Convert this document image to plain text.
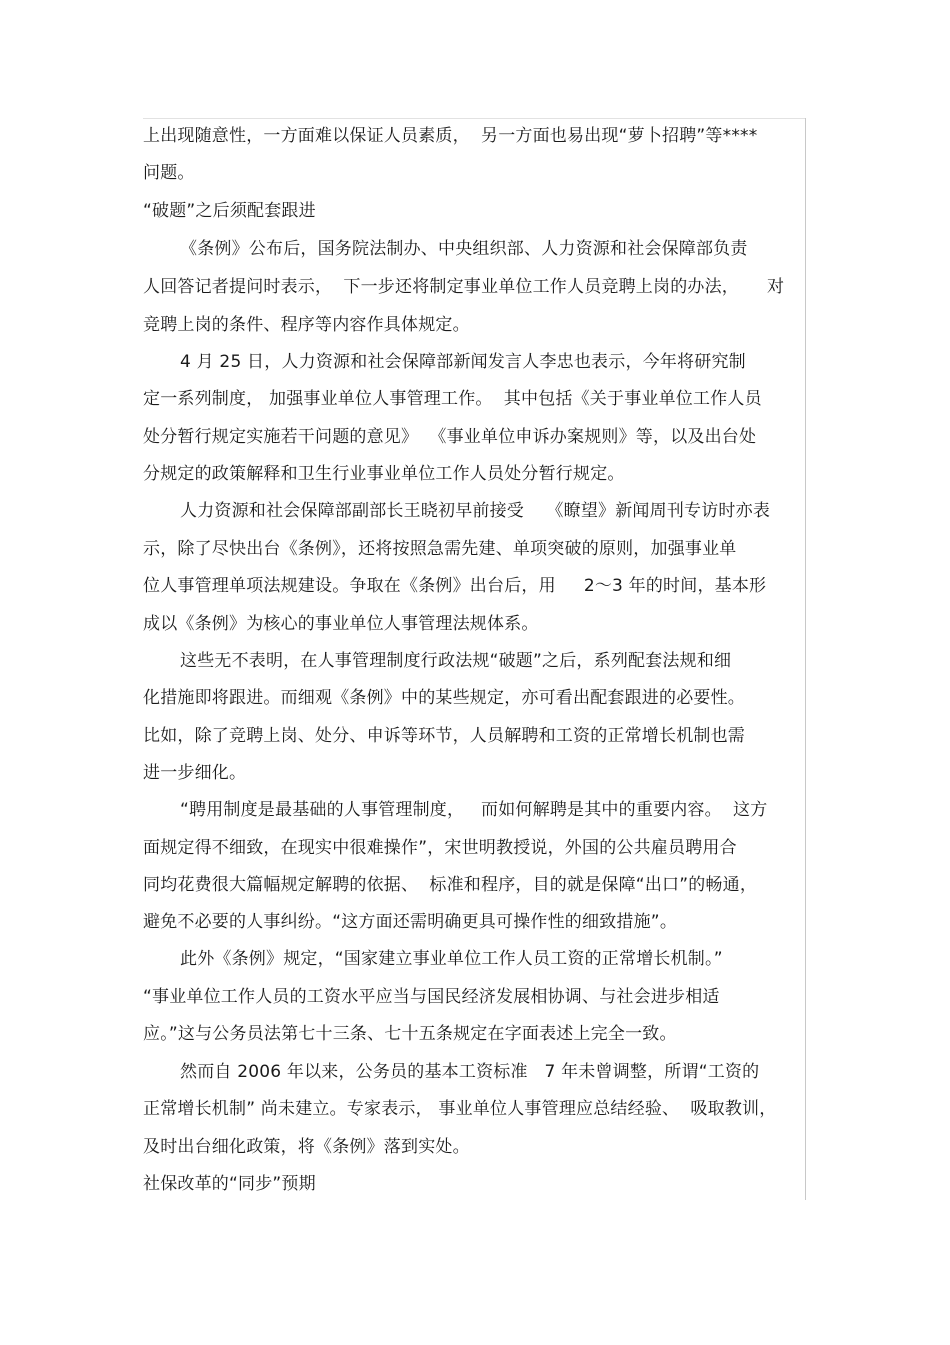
上出现随意性，一方面难以保证人员素质，  另一方面也易出现“萝卜招聘”等****
问题。
“破题”之后须配套跟进
《条例》公布后，国务院法制办、中央组织部、人力资源和社会保障部负责
人回答记者提问时表示，  下一步还将制定事业单位工作人员竞聘上岗的办法，     对
竞聘上岗的条件、程序等内容作具体规定。
4 月 25 日，人力资源和社会保障部新闻发言人李忠也表示，今年将研究制
定一系列制度， 加强事业单位人事管理工作。  其中包括《关于事业单位工作人员
处分暂行规定实施若干问题的意见》  《事业单位申诉办案规则》等，以及出台处
分规定的政策解释和卫生行业事业单位工作人员处分暂行规定。
人力资源和社会保障部副部长王晓初早前接受    《瞭望》新闻周刊专访时亦表
示，除了尽快出台《条例》，还将按照急需先建、单项突破的原则，加强事业单
位人事管理单项法规建设。争取在《条例》出台后，用     2～3 年的时间，基本形
成以《条例》为核心的事业单位人事管理法规体系。
这些无不表明，在人事管理制度行政法规“破题”之后，系列配套法规和细
化措施即将跟进。而细观《条例》中的某些规定，亦可看出配套跟进的必要性。
比如，除了竞聘上岗、处分、申诉等环节，人员解聘和工资的正常增长机制也需
进一步细化。
“聘用制度是最基础的人事管理制度，   而如何解聘是其中的重要内容。  这方
面规定得不细致，在现实中很难操作”，宋世明教授说，外国的公共雇员聘用合
同均花费很大篇幅规定解聘的依据、  标准和程序，目的就是保障“出口”的畅通，
避免不必要的人事纠纷。“这方面还需明确更具可操作性的细致措施”。
此外《条例》规定，“国家建立事业单位工作人员工资的正常增长机制。”
“事业单位工作人员的工资水平应当与国民经济发展相协调、与社会进步相适
应。”这与公务员法第七十三条、七十五条规定在字面表述上完全一致。
然而自 2006 年以来，公务员的基本工资标准   7 年未曾调整，所谓“工资的
正常增长机制” 尚未建立。专家表示， 事业单位人事管理应总结经验、  吸取教训，
及时出台细化政策，将《条例》落到实处。
社保改革的“同步”预期
